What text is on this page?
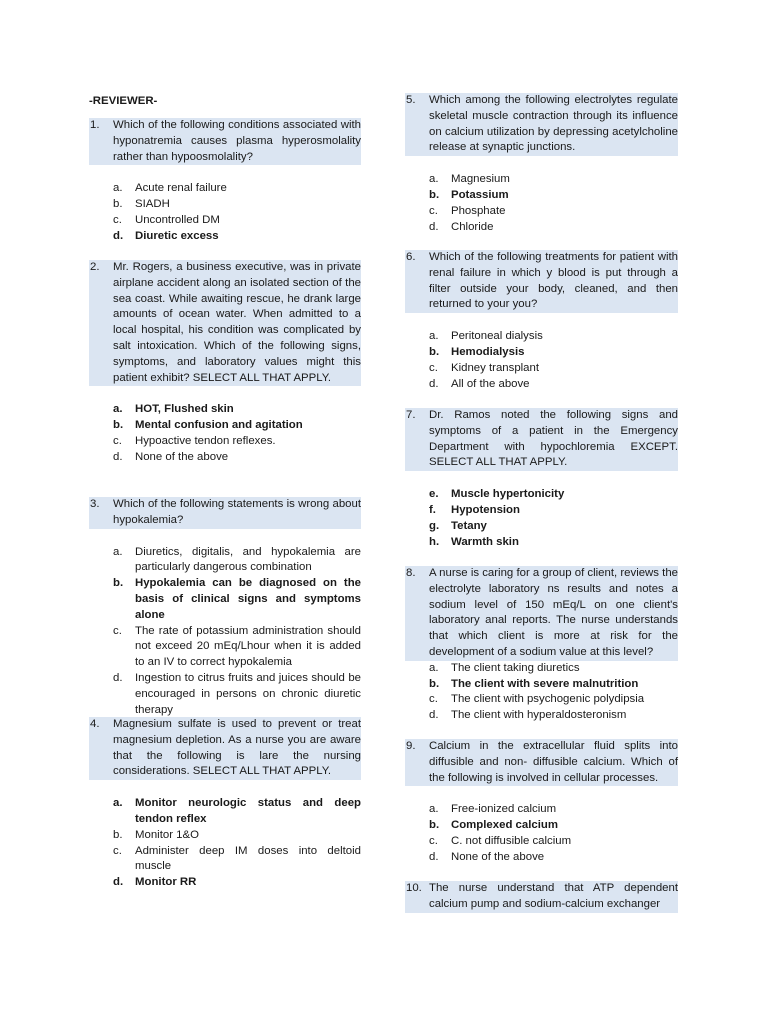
-REVIEWER-
1. Which of the following conditions associated with hyponatremia causes plasma hyperosmolality rather than hypoosmolality?
a. Acute renal failure
b. SIADH
c. Uncontrolled DM
d. Diuretic excess
2. Mr. Rogers, a business executive, was in private airplane accident along an isolated section of the sea coast. While awaiting rescue, he drank large amounts of ocean water. When admitted to a local hospital, his condition was complicated by salt intoxication. Which of the following signs, symptoms, and laboratory values might this patient exhibit? SELECT ALL THAT APPLY.
a. HOT, Flushed skin
b. Mental confusion and agitation
c. Hypoactive tendon reflexes.
d. None of the above
3. Which of the following statements is wrong about hypokalemia?
a. Diuretics, digitalis, and hypokalemia are particularly dangerous combination
b. Hypokalemia can be diagnosed on the basis of clinical signs and symptoms alone
c. The rate of potassium administration should not exceed 20 mEq/Lhour when it is added to an IV to correct hypokalemia
d. Ingestion to citrus fruits and juices should be encouraged in persons on chronic diuretic therapy
4. Magnesium sulfate is used to prevent or treat magnesium depletion. As a nurse you are aware that the following is lare the nursing considerations. SELECT ALL THAT APPLY.
a. Monitor neurologic status and deep tendon reflex
b. Monitor 1&O
c. Administer deep IM doses into deltoid muscle
d. Monitor RR
5. Which among the following electrolytes regulate skeletal muscle contraction through its influence on calcium utilization by depressing acetylcholine release at synaptic junctions.
a. Magnesium
b. Potassium
c. Phosphate
d. Chloride
6. Which of the following treatments for patient with renal failure in which y blood is put through a filter outside your body, cleaned, and then returned to your you?
a. Peritoneal dialysis
b. Hemodialysis
c. Kidney transplant
d. All of the above
7. Dr. Ramos noted the following signs and symptoms of a patient in the Emergency Department with hypochloremia EXCEPT. SELECT ALL THAT APPLY.
e. Muscle hypertonicity
f. Hypotension
g. Tetany
h. Warmth skin
8. A nurse is caring for a group of client, reviews the electrolyte laboratory ns results and notes a sodium level of 150 mEq/L on one client's laboratory anal reports. The nurse understands that which client is more at risk for the development of a sodium value at this level?
a. The client taking diuretics
b. The client with severe malnutrition
c. The client with psychogenic polydipsia
d. The client with hyperaldosteronism
9. Calcium in the extracellular fluid splits into diffusible and non- diffusible calcium. Which of the following is involved in cellular processes.
a. Free-ionized calcium
b. Complexed calcium
c. C. not diffusible calcium
d. None of the above
10. The nurse understand that ATP dependent calcium pump and sodium-calcium exchanger
